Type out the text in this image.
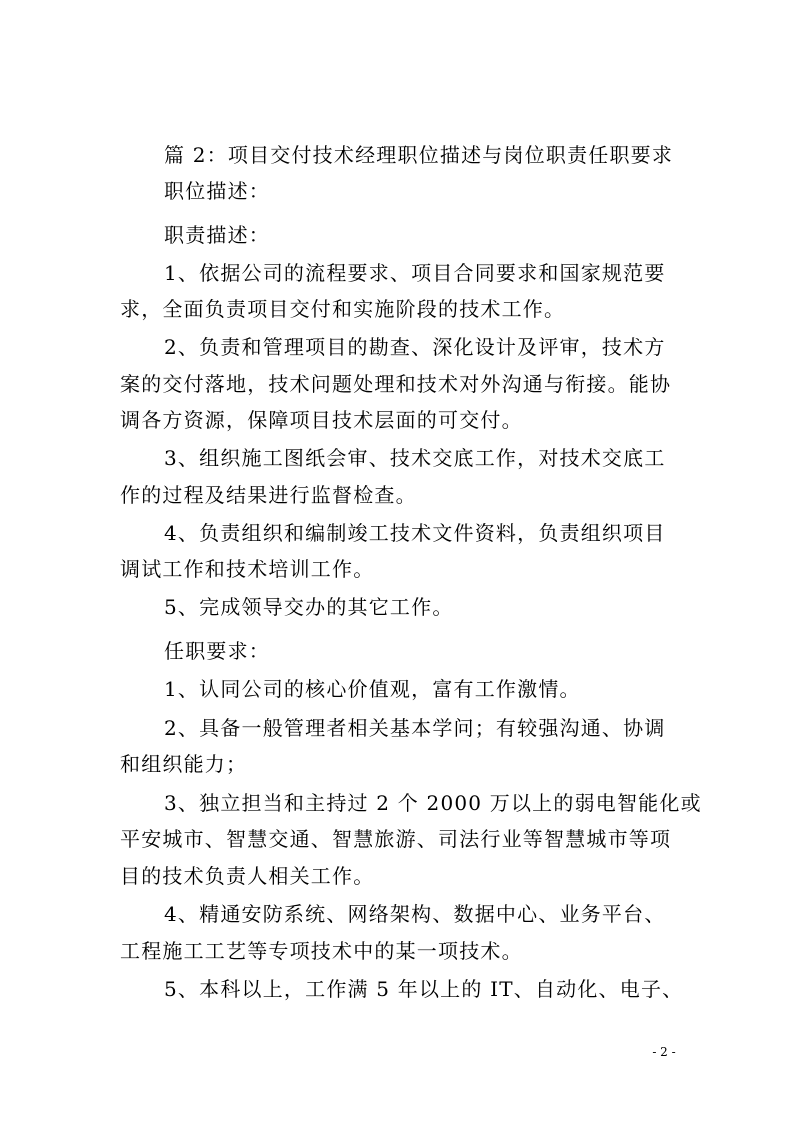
篇 2：项目交付技术经理职位描述与岗位职责任职要求
职位描述：
职责描述：
1、依据公司的流程要求、项目合同要求和国家规范要
求，全面负责项目交付和实施阶段的技术工作。
2、负责和管理项目的勘查、深化设计及评审，技术方
案的交付落地，技术问题处理和技术对外沟通与衔接。能协
调各方资源，保障项目技术层面的可交付。
3、组织施工图纸会审、技术交底工作，对技术交底工
作的过程及结果进行监督检查。
4、负责组织和编制竣工技术文件资料，负责组织项目
调试工作和技术培训工作。
5、完成领导交办的其它工作。
任职要求：
1、认同公司的核心价值观，富有工作激情。
2、具备一般管理者相关基本学问；有较强沟通、协调
和组织能力；
3、独立担当和主持过 2 个 2000 万以上的弱电智能化或
平安城市、智慧交通、智慧旅游、司法行业等智慧城市等项
目的技术负责人相关工作。
4、精通安防系统、网络架构、数据中心、业务平台、
工程施工工艺等专项技术中的某一项技术。
5、本科以上，工作满 5 年以上的 IT、自动化、电子、
- 2 -
